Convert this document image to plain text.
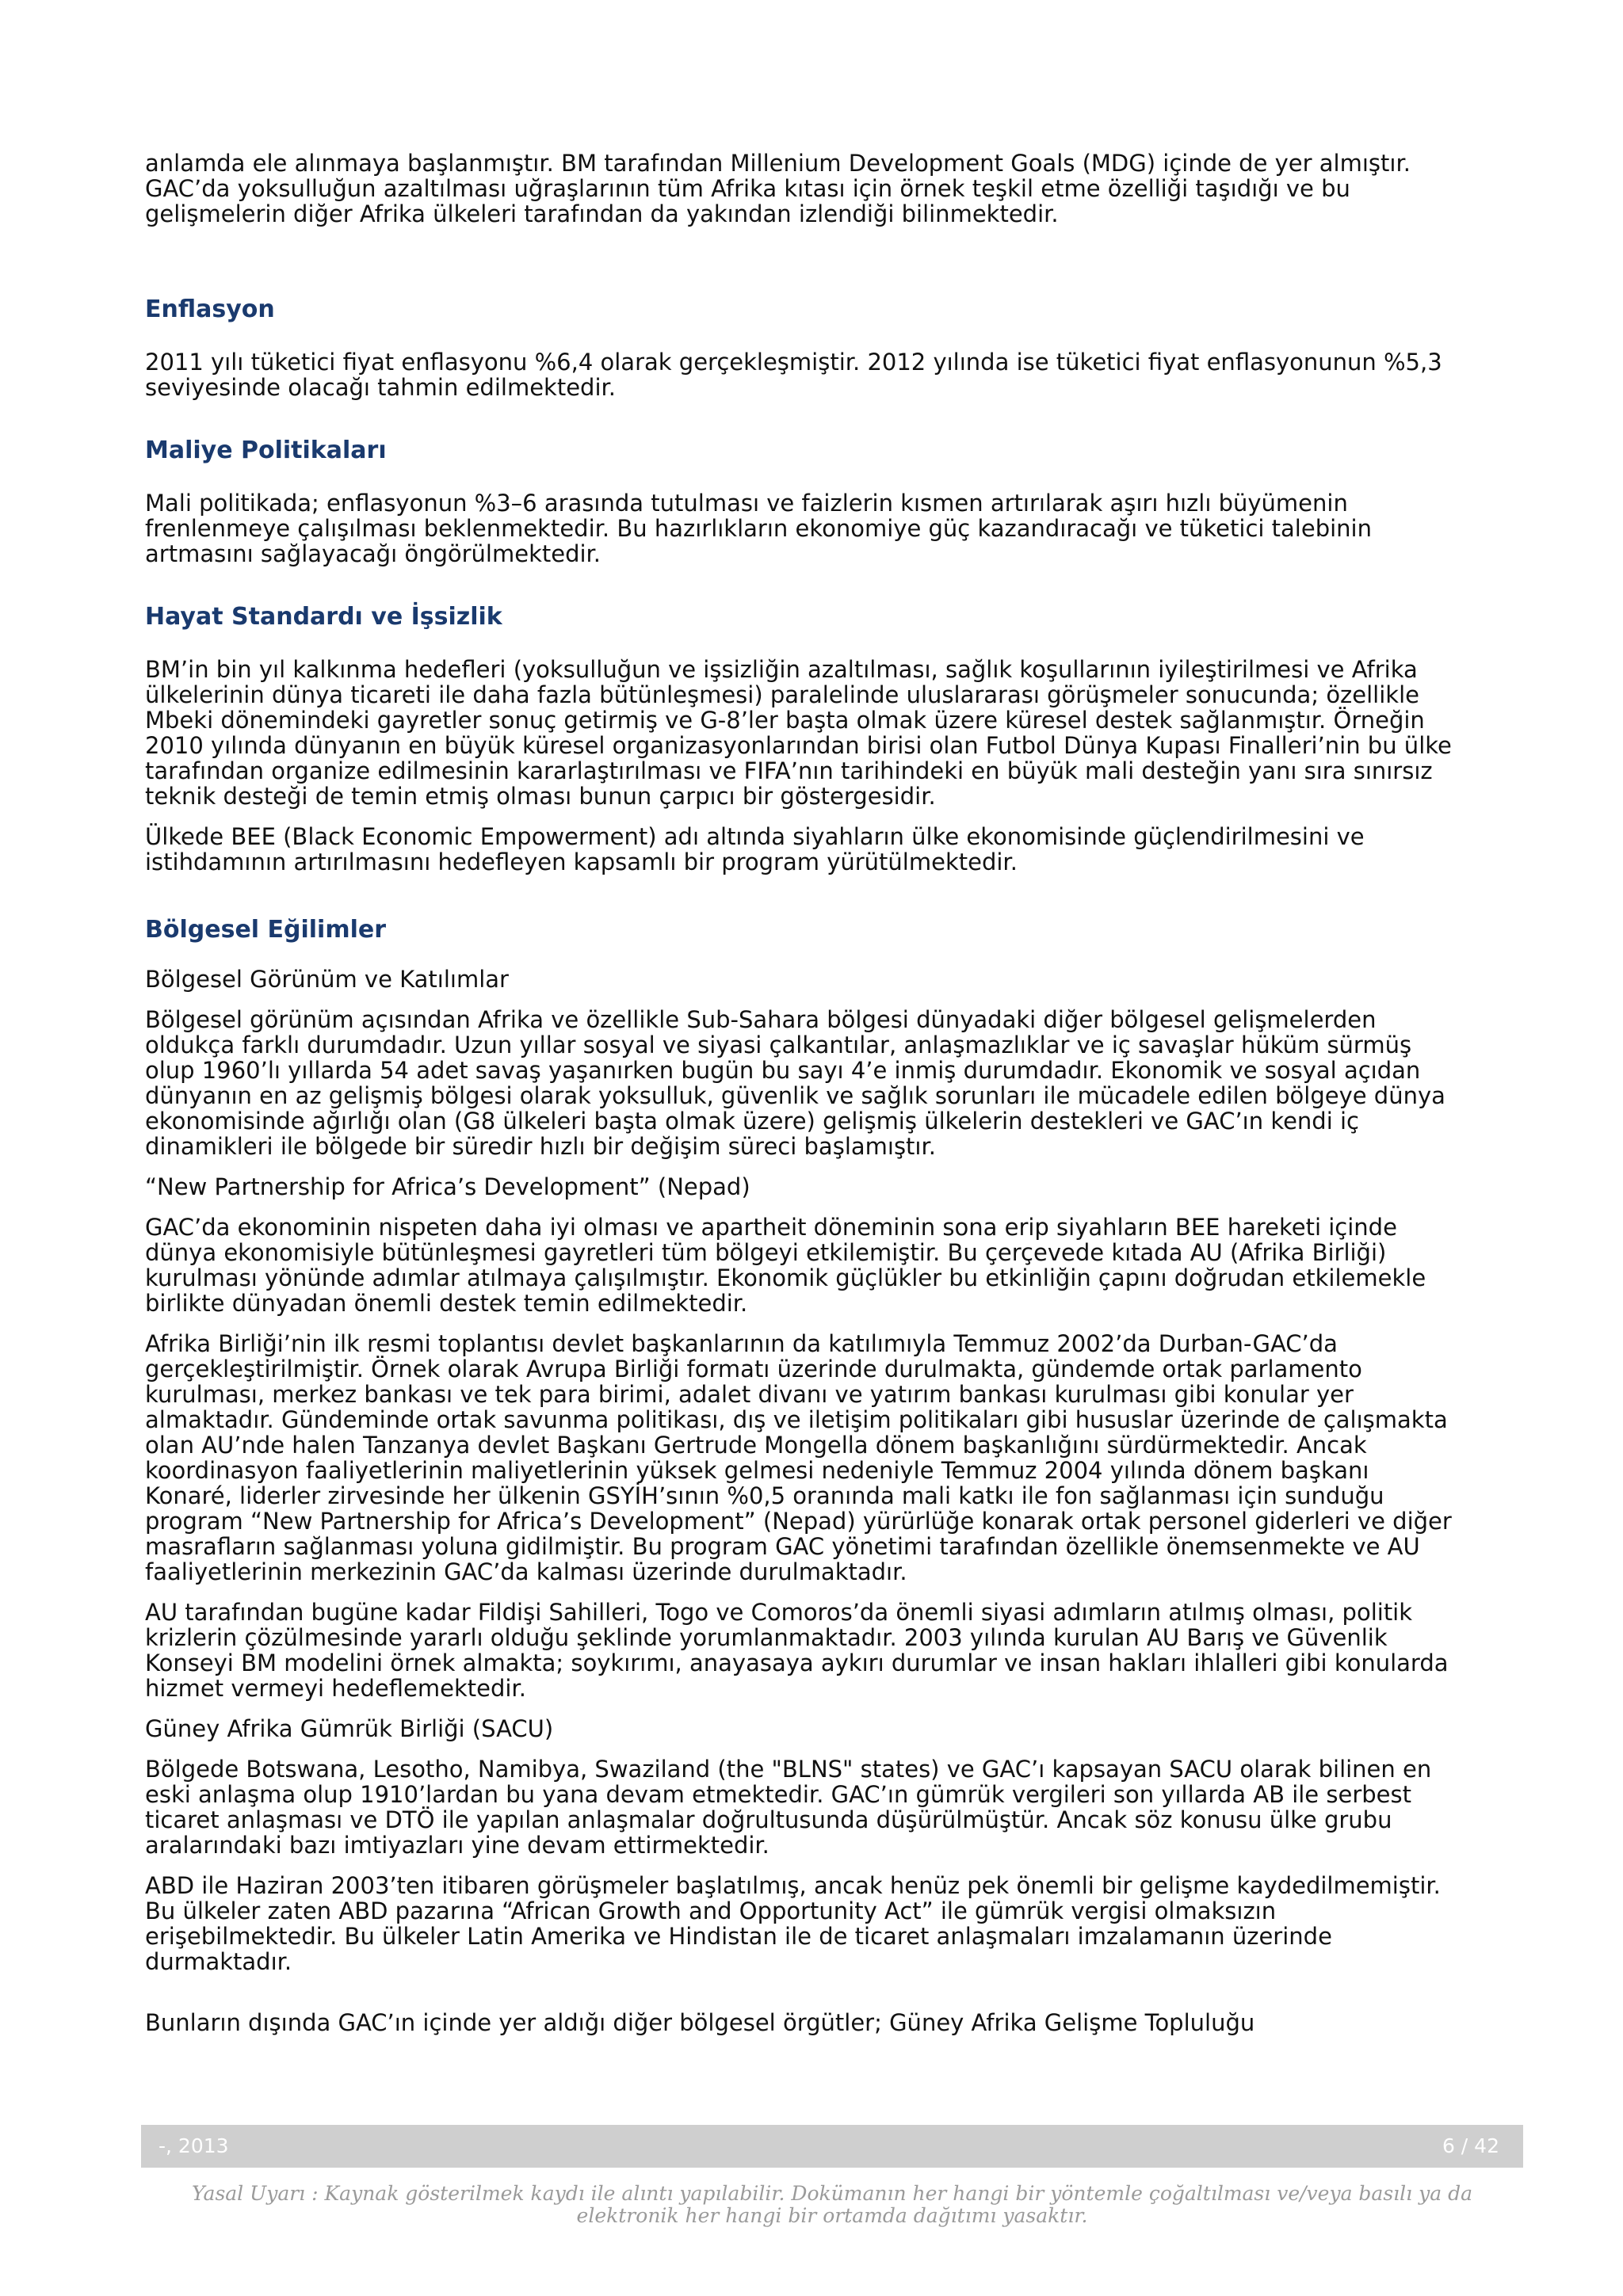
anlamda ele alınmaya başlanmıştır. BM tarafından Millenium Development Goals (MDG) içinde de yer almıştır. GAC’da yoksulluğun azaltılması uğraşlarının tüm Afrika kıtası için örnek teşkil etme özelliği taşıdığı ve bu gelişmelerin diğer Afrika ülkeleri tarafından da yakından izlendiği bilinmektedir.

Enflasyon

2011 yılı tüketici fiyat enflasyonu %6,4 olarak gerçekleşmiştir. 2012 yılında ise tüketici fiyat enflasyonunun %5,3 seviyesinde olacağı tahmin edilmektedir.

Maliye Politikaları

Mali politikada; enflasyonun %3–6 arasında tutulması ve faizlerin kısmen artırılarak aşırı hızlı büyümenin frenlenmeye çalışılması beklenmektedir. Bu hazırlıkların ekonomiye güç kazandıracağı ve tüketici talebinin artmasını sağlayacağı öngörülmektedir.

Hayat Standardı ve İşsizlik

BM’in bin yıl kalkınma hedefleri (yoksulluğun ve işsizliğin azaltılması, sağlık koşullarının iyileştirilmesi ve Afrika ülkelerinin dünya ticareti ile daha fazla bütünleşmesi) paralelinde uluslararası görüşmeler sonucunda; özellikle Mbeki dönemindeki gayretler sonuç getirmiş ve G-8’ler başta olmak üzere küresel destek sağlanmıştır. Örneğin 2010 yılında dünyanın en büyük küresel organizasyonlarından birisi olan Futbol Dünya Kupası Finalleri’nin bu ülke tarafından organize edilmesinin kararlaştırılması ve FIFA’nın tarihindeki en büyük mali desteğin yanı sıra sınırsız teknik desteği de temin etmiş olması bunun çarpıcı bir göstergesidir.

Ülkede BEE (Black Economic Empowerment) adı altında siyahların ülke ekonomisinde güçlendirilmesini ve istihdamının artırılmasını hedefleyen kapsamlı bir program yürütülmektedir.

Bölgesel Eğilimler

Bölgesel Görünüm ve Katılımlar

Bölgesel görünüm açısından Afrika ve özellikle Sub-Sahara bölgesi dünyadaki diğer bölgesel gelişmelerden oldukça farklı durumdadır. Uzun yıllar sosyal ve siyasi çalkantılar, anlaşmazlıklar ve iç savaşlar hüküm sürmüş olup 1960’lı yıllarda 54 adet savaş yaşanırken bugün bu sayı 4’e inmiş durumdadır. Ekonomik ve sosyal açıdan dünyanın en az gelişmiş bölgesi olarak yoksulluk, güvenlik ve sağlık sorunları ile mücadele edilen bölgeye dünya ekonomisinde ağırlığı olan (G8 ülkeleri başta olmak üzere) gelişmiş ülkelerin destekleri ve GAC’ın kendi iç dinamikleri ile bölgede bir süredir hızlı bir değişim süreci başlamıştır.

“New Partnership for Africa’s Development” (Nepad)

GAC’da ekonominin nispeten daha iyi olması ve apartheit döneminin sona erip siyahların BEE hareketi içinde dünya ekonomisiyle bütünleşmesi gayretleri tüm bölgeyi etkilemiştir. Bu çerçevede kıtada AU (Afrika Birliği) kurulması yönünde adımlar atılmaya çalışılmıştır. Ekonomik güçlükler bu etkinliğin çapını doğrudan etkilemekle birlikte dünyadan önemli destek temin edilmektedir.

Afrika Birliği’nin ilk resmi toplantısı devlet başkanlarının da katılımıyla Temmuz 2002’da Durban-GAC’da gerçekleştirilmiştir. Örnek olarak Avrupa Birliği formatı üzerinde durulmakta, gündemde ortak parlamento kurulması, merkez bankası ve tek para birimi, adalet divanı ve yatırım bankası kurulması gibi konular yer almaktadır. Gündeminde ortak savunma politikası, dış ve iletişim politikaları gibi hususlar üzerinde de çalışmakta olan AU’nde halen Tanzanya devlet Başkanı Gertrude Mongella dönem başkanlığını sürdürmektedir. Ancak koordinasyon faaliyetlerinin maliyetlerinin yüksek gelmesi nedeniyle Temmuz 2004 yılında dönem başkanı Konaré, liderler zirvesinde her ülkenin GSYİH’sının %0,5 oranında mali katkı ile fon sağlanması için sunduğu program “New Partnership for Africa’s Development” (Nepad) yürürlüğe konarak ortak personel giderleri ve diğer masrafların sağlanması yoluna gidilmiştir. Bu program GAC yönetimi tarafından özellikle önemsenmekte ve AU faaliyetlerinin merkezinin GAC’da kalması üzerinde durulmaktadır.

AU tarafından bugüne kadar Fildişi Sahilleri, Togo ve Comoros’da önemli siyasi adımların atılmış olması, politik krizlerin çözülmesinde yararlı olduğu şeklinde yorumlanmaktadır. 2003 yılında kurulan AU Barış ve Güvenlik Konseyi BM modelini örnek almakta; soykırımı, anayasaya aykırı durumlar ve insan hakları ihlalleri gibi konularda hizmet vermeyi hedeflemektedir.

Güney Afrika Gümrük Birliği (SACU)

Bölgede Botswana, Lesotho, Namibya, Swaziland (the "BLNS" states) ve GAC’ı kapsayan SACU olarak bilinen en eski anlaşma olup 1910’lardan bu yana devam etmektedir. GAC’ın gümrük vergileri son yıllarda AB ile serbest ticaret anlaşması ve DTÖ ile yapılan anlaşmalar doğrultusunda düşürülmüştür. Ancak söz konusu ülke grubu aralarındaki bazı imtiyazları yine devam ettirmektedir.

ABD ile Haziran 2003’ten itibaren görüşmeler başlatılmış, ancak henüz pek önemli bir gelişme kaydedilmemiştir. Bu ülkeler zaten ABD pazarına “African Growth and Opportunity Act” ile gümrük vergisi olmaksızın erişebilmektedir. Bu ülkeler Latin Amerika ve Hindistan ile de ticaret anlaşmaları imzalamanın üzerinde durmaktadır.

Bunların dışında GAC’ın içinde yer aldığı diğer bölgesel örgütler; Güney Afrika Gelişme Topluluğu

-, 2013	6 / 42
Yasal Uyarı : Kaynak gösterilmek kaydı ile alıntı yapılabilir. Dokümanın her hangi bir yöntemle çoğaltılması ve/veya basılı ya da elektronik her hangi bir ortamda dağıtımı yasaktır.
